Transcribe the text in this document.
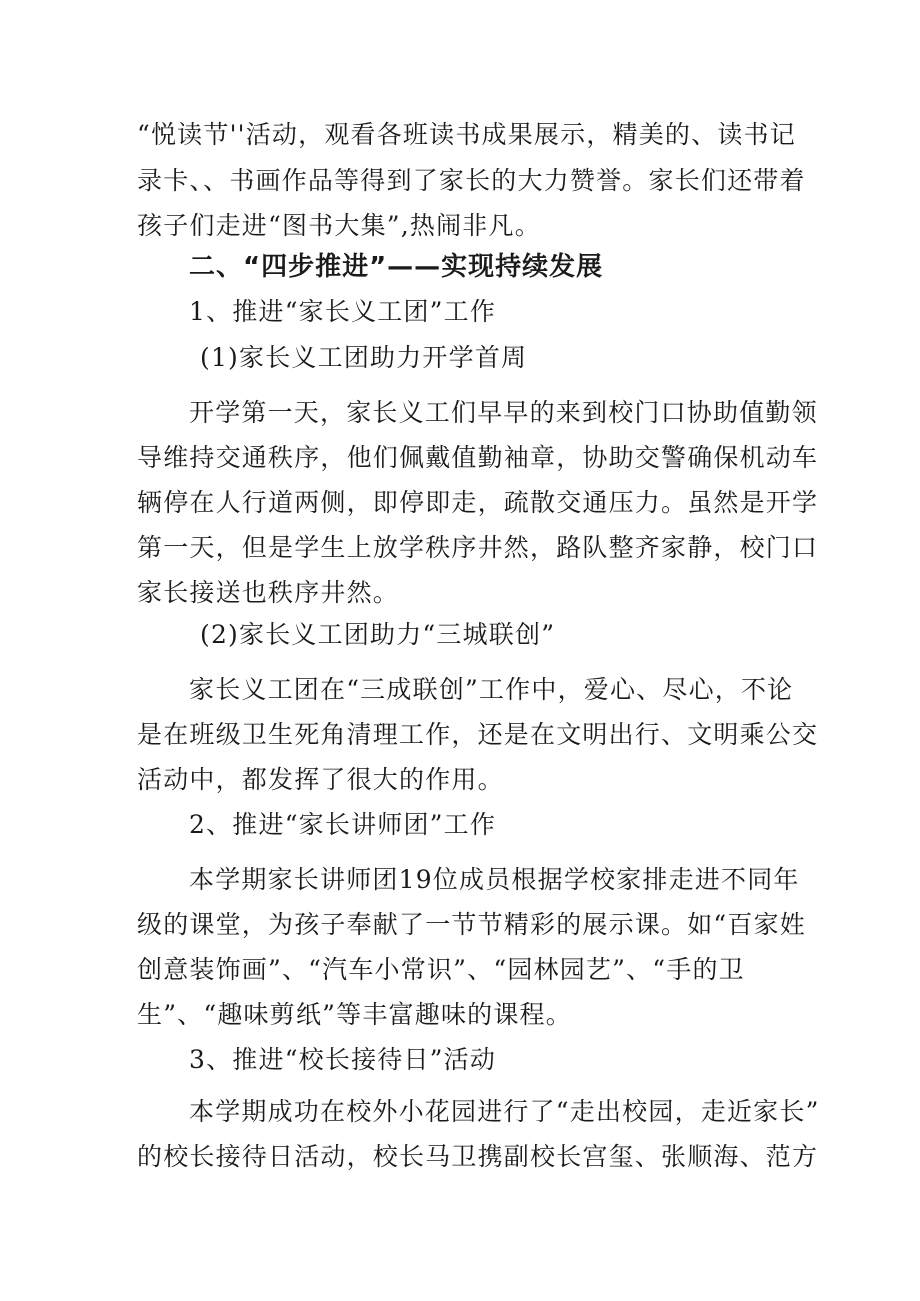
“悦读节''活动，观看各班读书成果展示，精美的、读书记
录卡、、书画作品等得到了家长的大力赞誉。家长们还带着
孩子们走进“图书大集”,热闹非凡。
二、“四步推进”——实现持续发展
1、推进“家长义工团”工作
(1)家长义工团助力开学首周
开学第一天，家长义工们早早的来到校门口协助值勤领
导维持交通秩序，他们佩戴值勤袖章，协助交警确保机动车
辆停在人行道两侧，即停即走，疏散交通压力。虽然是开学
第一天，但是学生上放学秩序井然，路队整齐家静，校门口
家长接送也秩序井然。
(2)家长义工团助力“三城联创”
家长义工团在“三成联创”工作中，爱心、尽心，不论
是在班级卫生死角清理工作，还是在文明出行、文明乘公交
活动中，都发挥了很大的作用。
2、推进“家长讲师团”工作
本学期家长讲师团19位成员根据学校家排走进不同年
级的课堂，为孩子奉献了一节节精彩的展示课。如“百家姓
创意装饰画”、“汽车小常识”、“园林园艺”、“手的卫
生”、“趣味剪纸”等丰富趣味的课程。
3、推进“校长接待日”活动
本学期成功在校外小花园进行了“走出校园，走近家长”
的校长接待日活动，校长马卫携副校长宫玺、张顺海、范方
